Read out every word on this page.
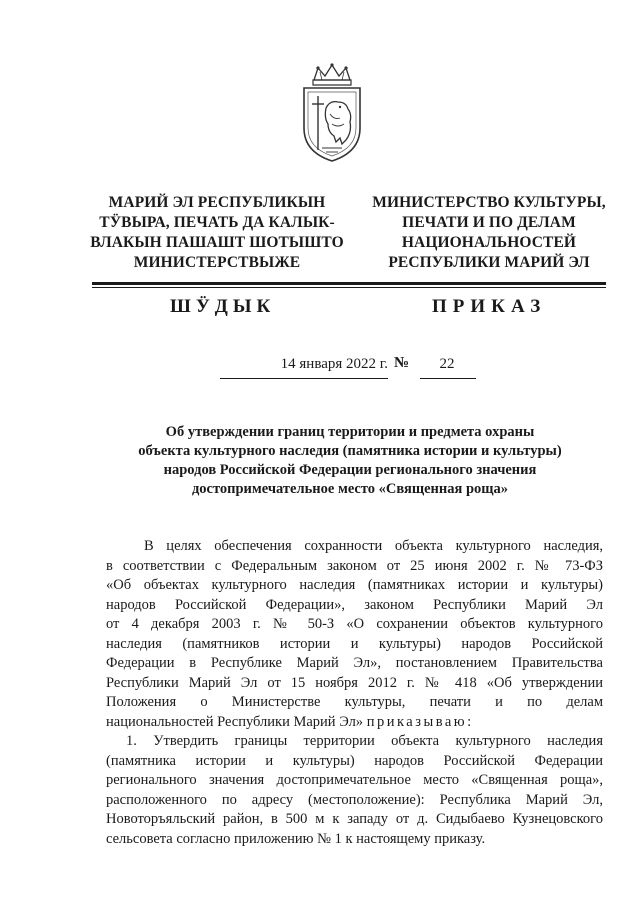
МАРИЙ ЭЛ РЕСПУБЛИКЫН
ТӰВЫРА, ПЕЧАТЬ ДА КАЛЫК-
ВЛАКЫН ПАШАШТ ШОТЫШТО
МИНИСТЕРСТВЫЖЕ
МИНИСТЕРСТВО КУЛЬТУРЫ,
ПЕЧАТИ И ПО ДЕЛАМ
НАЦИОНАЛЬНОСТЕЙ
РЕСПУБЛИКИ МАРИЙ ЭЛ
ШӰДЫК	ПРИКАЗ
14 января 2022 г. №	22
Об утверждении границ территории и предмета охраны
объекта культурного наследия (памятника истории и культуры)
народов Российской Федерации регионального значения
достопримечательное место «Священная роща»
В целях обеспечения сохранности объекта культурного наследия,
в соответствии с Федеральным законом от 25 июня 2002 г. № 73-ФЗ
«Об объектах культурного наследия (памятниках истории и культуры)
народов Российской Федерации», законом Республики Марий Эл
от 4 декабря 2003 г. № 50-З «О сохранении объектов культурного
наследия (памятников истории и культуры) народов Российской
Федерации в Республике Марий Эл», постановлением Правительства
Республики Марий Эл от 15 ноября 2012 г. № 418 «Об утверждении
Положения о Министерстве культуры, печати и по делам
национальностей Республики Марий Эл» приказываю:
1. Утвердить границы территории объекта культурного наследия
(памятника истории и культуры) народов Российской Федерации
регионального значения достопримечательное место «Священная роща»,
расположенного по адресу (местоположение): Республика Марий Эл,
Новоторъяльский район, в 500 м к западу от д. Сидыбаево Кузнецовского
сельсовета согласно приложению № 1 к настоящему приказу.
